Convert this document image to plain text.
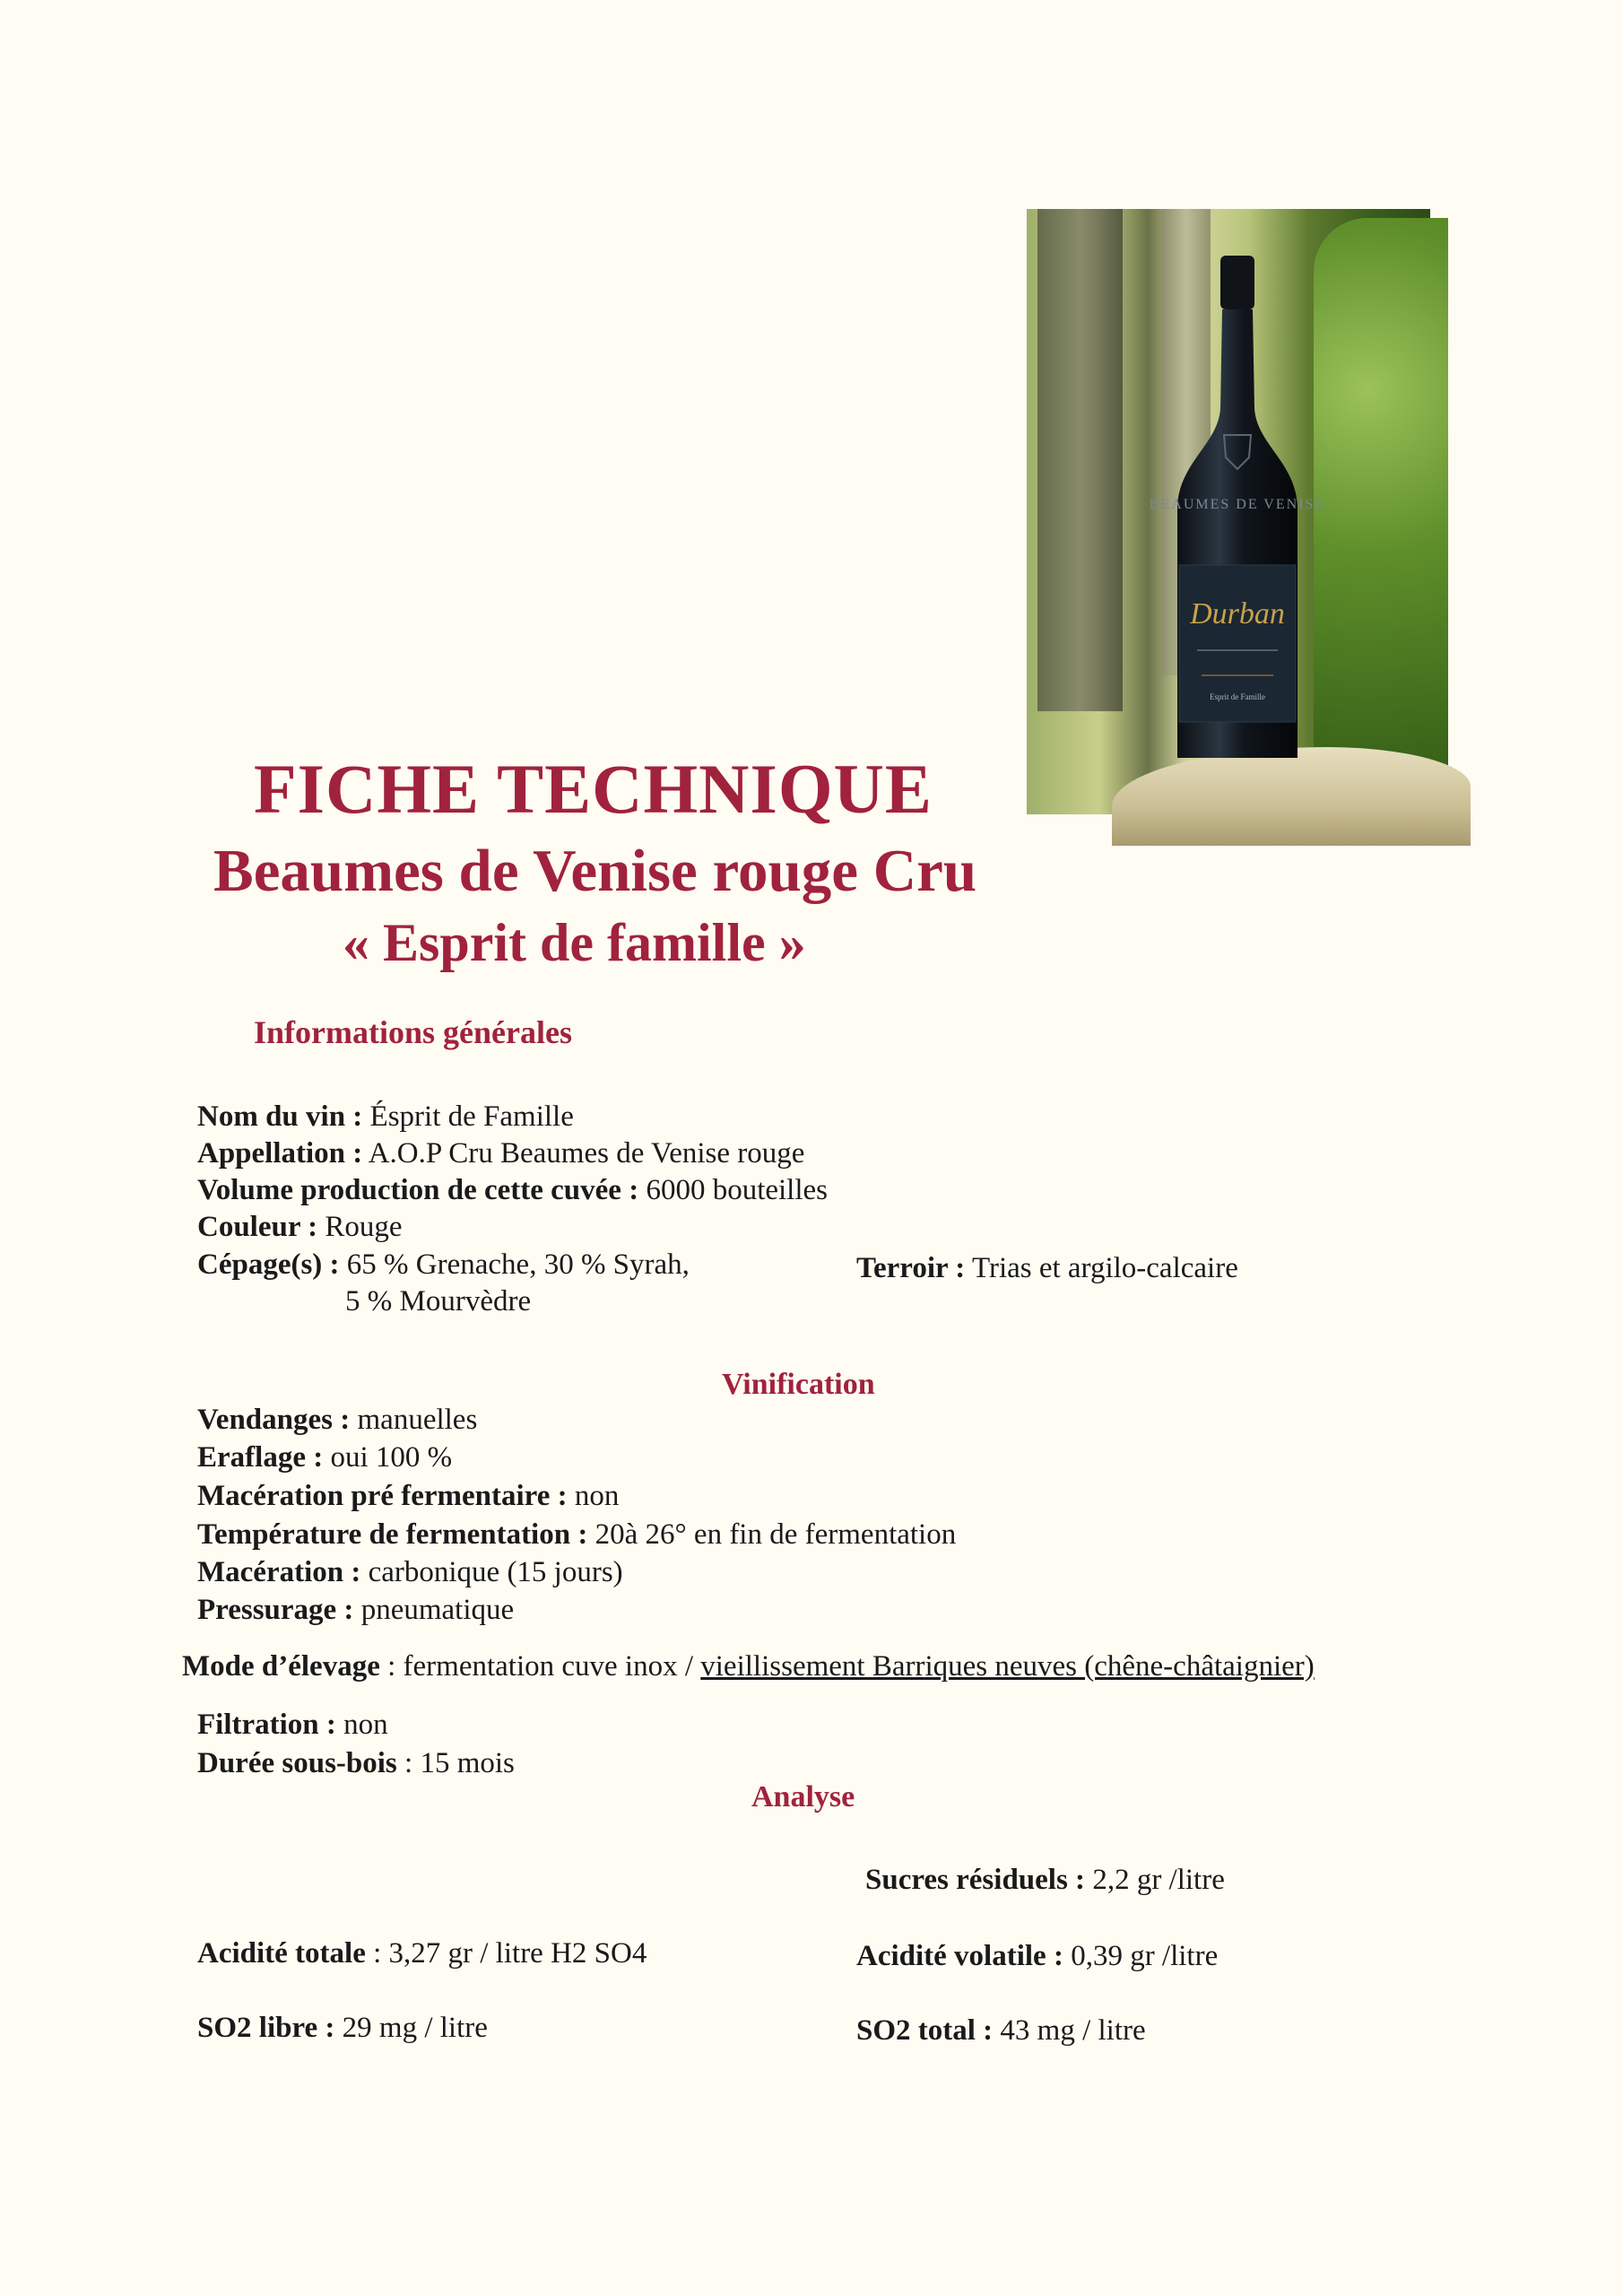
BEAUMES DE VENISE
Durban
Esprit de Famille
FICHE TECHNIQUE
Beaumes de Venise rouge Cru
« Esprit de famille »
Informations générales
Nom du vin : Ésprit de Famille
Appellation : A.O.P Cru Beaumes de Venise rouge
Volume production de cette cuvée : 6000 bouteilles
Couleur : Rouge
Cépage(s) : 65 % Grenache, 30 % Syrah,
5 % Mourvèdre
Terroir : Trias et argilo-calcaire
Vinification
Vendanges : manuelles
Eraflage : oui 100 %
Macération pré fermentaire : non
Température de fermentation : 20à 26° en fin de fermentation
Macération : carbonique (15 jours)
Pressurage : pneumatique
Mode d’élevage : fermentation cuve inox / vieillissement Barriques neuves (chêne-châtaignier)
Filtration : non
Durée sous-bois : 15 mois
Analyse
Sucres résiduels : 2,2 gr /litre
Acidité totale : 3,27 gr / litre H2 SO4	Acidité volatile : 0,39 gr /litre
SO2 libre : 29 mg / litre	SO2 total : 43 mg / litre
